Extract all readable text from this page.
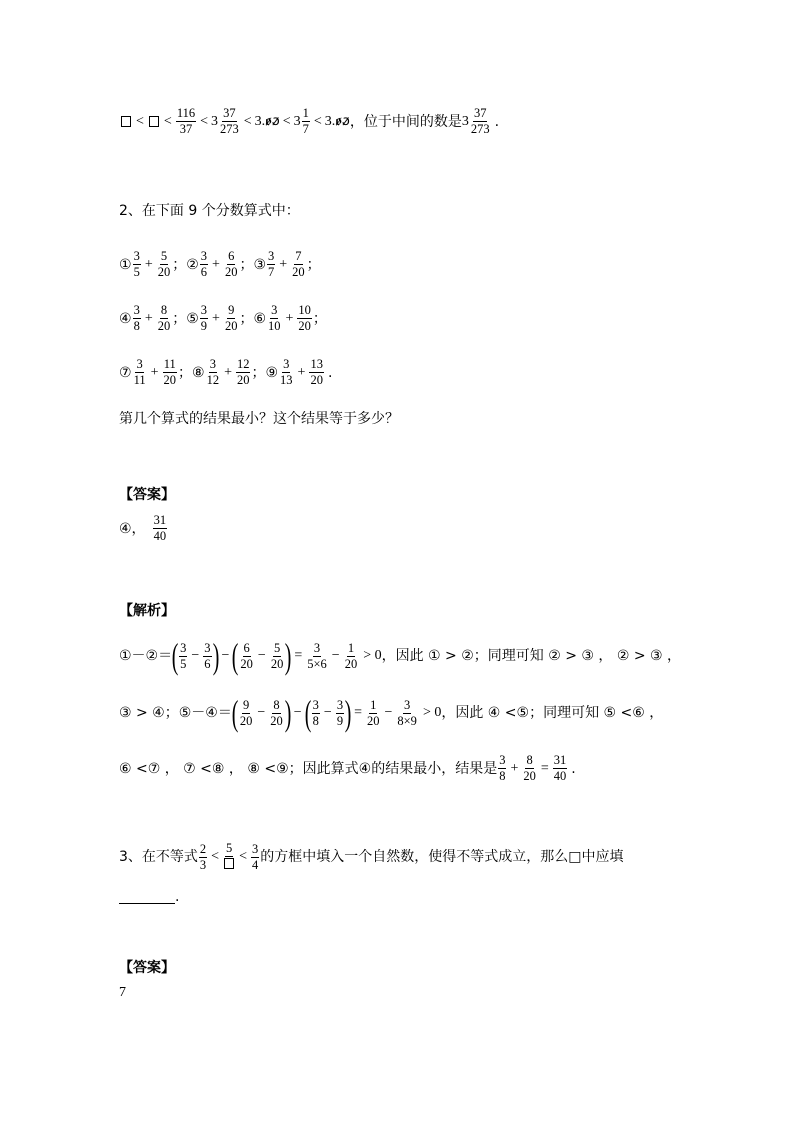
< < $\frac{116}{37} < 3 \frac{37}{273} < 3$. ꬾꬿ < $3 \frac{1}{7} < 3$. ꬾꬿ ，位于中间的数是 $3 \frac{37}{273}$ .
2、在下面 9 个分数算式中：
① $\frac{3}{5} + \frac{5}{20}$ ； ② $\frac{3}{6} + \frac{6}{20}$ ； ③ $\frac{3}{7} + \frac{7}{20}$ ；
④ $\frac{3}{8} + \frac{8}{20}$ ； ⑤ $\frac{3}{9} + \frac{9}{20}$ ； ⑥ $\frac{3}{10} + \frac{10}{20}$ ；
⑦ $\frac{3}{11} + \frac{11}{20}$ ； ⑧ $\frac{3}{12} + \frac{12}{20}$ ； ⑨ $\frac{3}{13} + \frac{13}{20}$ .
第几个算式的结果最小？这个结果等于多少？
【答案】
④， $\frac{31}{40}$
【解析】
①－②＝ ( $\frac{3}{5} - \frac{3}{6}$ ) − ( $\frac{6}{20} - \frac{5}{20}$ ) = $\frac{3}{5\times 6} - \frac{1}{20} > 0$ ，因此 ① > ②；同理可知 ② > ③ ， ② > ③ ，
③ > ④；⑤－④＝ ( $\frac{9}{20} - \frac{8}{20}$ ) − ( $\frac{3}{8} - \frac{3}{9}$ ) = $\frac{1}{20} - \frac{3}{8\times 9} > 0$ ，因此 ④ <⑤；同理可知 ⑤ <⑥ ，
⑥ <⑦ ， ⑦ <⑧ ， ⑧ <⑨；因此算式④的结果最小，结果是 $\frac{3}{8} + \frac{8}{20} = \frac{31}{40}$ .
3、在不等式 $\frac{2}{3}$ <
5
< $\frac{3}{4}$ 的方框中填入一个自然数，使得不等式成立，那么□中应填
.
【答案】
7
